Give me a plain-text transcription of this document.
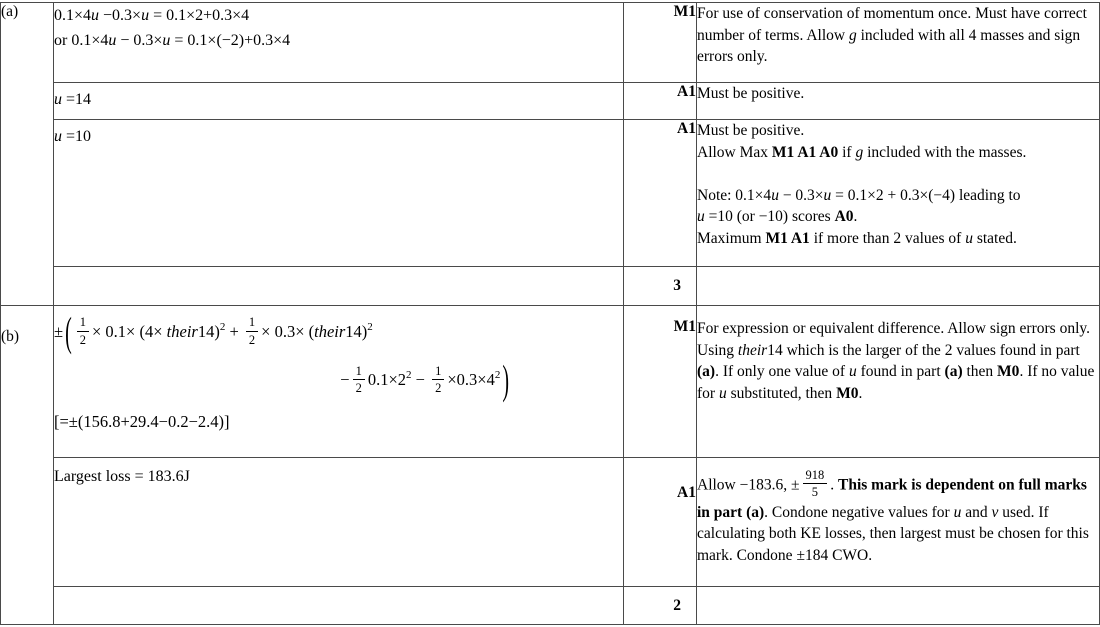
(a)	0.1×4u −0.3×u = 0.1×2+0.3×4
or 0.1×4u − 0.3×u = 0.1×(−2)+0.3×4	M1	For use of conservation of momentum once. Must have correct number of terms. Allow g included with all 4 masses and sign errors only.
	u =14	A1	Must be positive.
	u =10	A1	Must be positive.
Allow Max M1 A1 A0 if g included with the masses.

Note: 0.1×4u − 0.3×u = 0.1×2 + 0.3×(−4) leading to
u =10 (or −10) scores A0.
Maximum M1 A1 if more than 2 values of u stated.

		3	
(b)	± ( $\frac{1}{2} \times 0.1\times (4\times$ their14)$^2$ + $\frac{1}{2} \times 0.3\times$ (their14)$^2$
− $\frac{1}{2} 0.1\times 2^2 - \frac{1}{2} \times 0.3\times 4^2$ )
[=±(156.8+29.4−0.2−2.4)]
	M1	For expression or equivalent difference. Allow sign errors only. Using their14 which is the larger of the 2 values found in part (a). If only one value of u found in part (a) then M0. If no value for u substituted, then M0.

	Largest loss = 183.6J	A1	Allow −183.6, ± $\frac{918}{5}$ . This mark is dependent on full marks in part (a). Condone negative values for u and v used. If calculating both KE losses, then largest must be chosen for this mark. Condone ±184 CWO.
		2	
